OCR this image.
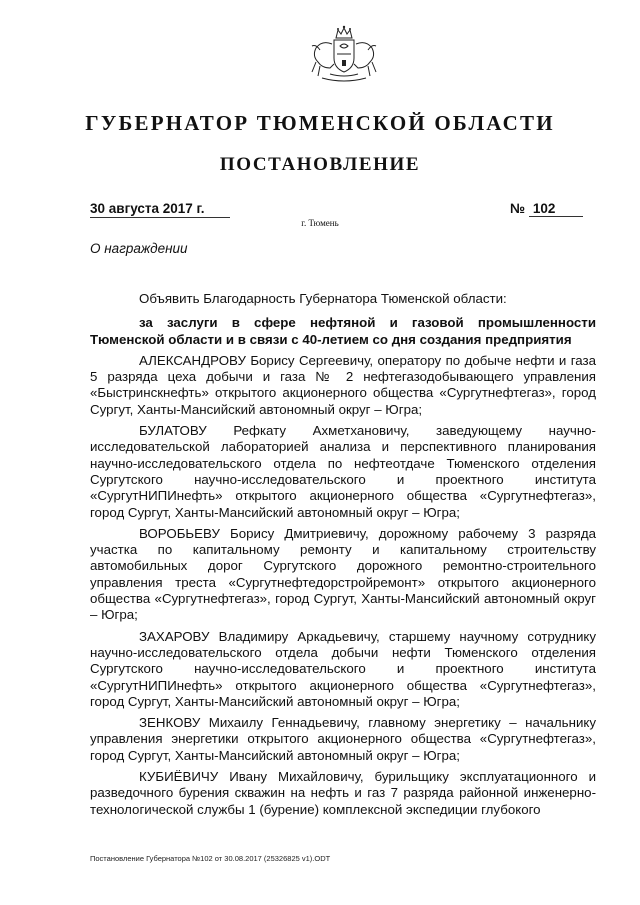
ГУБЕРНАТОР ТЮМЕНСКОЙ ОБЛАСТИ
ПОСТАНОВЛЕНИЕ
30 августа 2017 г.	№ 102
г. Тюмень
О награждении

Объявить Благодарность Губернатора Тюменской области:

за заслуги в сфере нефтяной и газовой промышленности Тюменской области и в связи с 40-летием со дня создания предприятия

АЛЕКСАНДРОВУ Борису Сергеевичу, оператору по добыче нефти и газа 5 разряда цеха добычи и газа № 2 нефтегазодобывающего управления «Быстринскнефть» открытого акционерного общества «Сургутнефтегаз», город Сургут, Ханты-Мансийский автономный округ – Югра;

БУЛАТОВУ Рефкату Ахметхановичу, заведующему научно-исследовательской лабораторией анализа и перспективного планирования научно-исследовательского отдела по нефтеотдаче Тюменского отделения Сургутского научно-исследовательского и проектного института «СургутНИПИнефть» открытого акционерного общества «Сургутнефтегаз», город Сургут, Ханты-Мансийский автономный округ – Югра;

ВОРОБЬЕВУ Борису Дмитриевичу, дорожному рабочему 3 разряда участка по капитальному ремонту и капитальному строительству автомобильных дорог Сургутского дорожного ремонтно-строительного управления треста «Сургутнефтедорстройремонт» открытого акционерного общества «Сургутнефтегаз», город Сургут, Ханты-Мансийский автономный округ – Югра;

ЗАХАРОВУ Владимиру Аркадьевичу, старшему научному сотруднику научно-исследовательского отдела добычи нефти Тюменского отделения Сургутского научно-исследовательского и проектного института «СургутНИПИнефть» открытого акционерного общества «Сургутнефтегаз», город Сургут, Ханты-Мансийский автономный округ – Югра;

ЗЕНКОВУ Михаилу Геннадьевичу, главному энергетику – начальнику управления энергетики открытого акционерного общества «Сургутнефтегаз», город Сургут, Ханты-Мансийский автономный округ – Югра;

КУБИЁВИЧУ Ивану Михайловичу, бурильщику эксплуатационного и разведочного бурения скважин на нефть и газ 7 разряда районной инженерно-технологической службы 1 (бурение) комплексной экспедиции глубокого

Постановление Губернатора №102 от 30.08.2017 (25326825 v1).ODT
